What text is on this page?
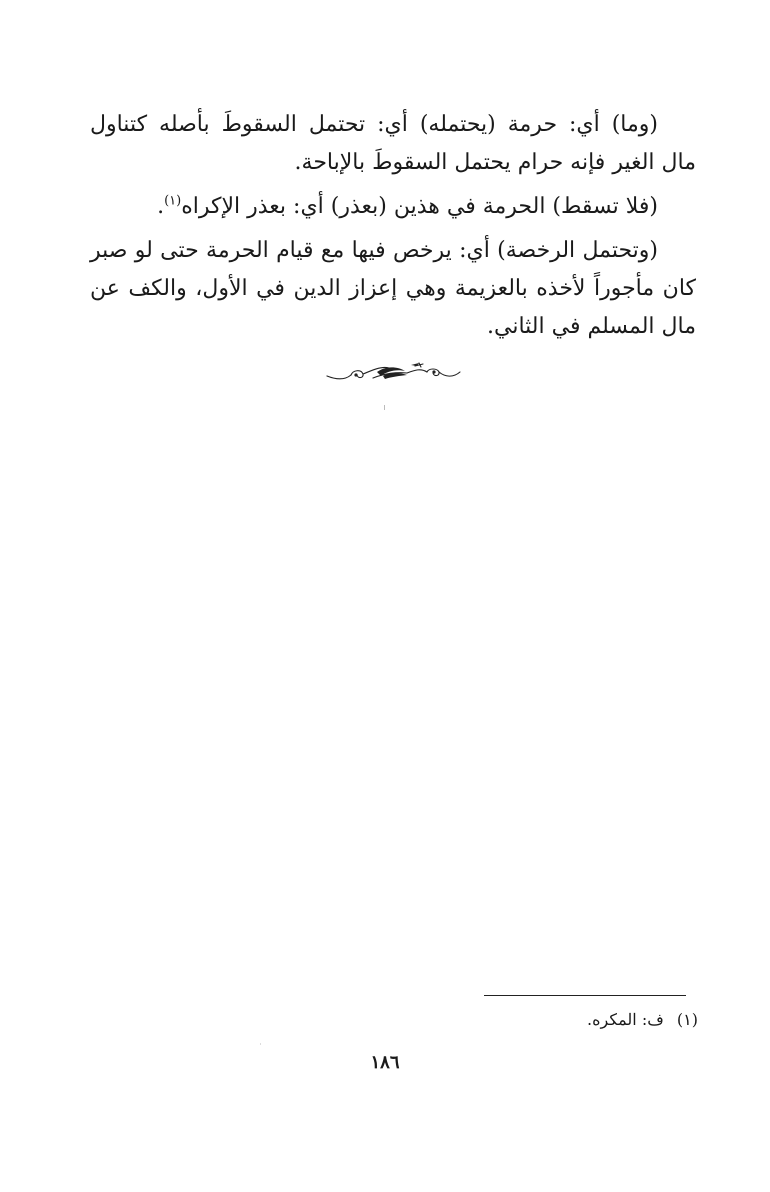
(وما) أي: حرمة (يحتمله) أي: تحتمل السقوطَ بأصله كتناول مال الغير فإنه حرام يحتمل السقوطَ بالإباحة.

(فلا تسقط) الحرمة في هذين (بعذر) أي: بعذر الإكراه$^{(١)}$.

(وتحتمل الرخصة) أي: يرخص فيها مع قيام الحرمة حتى لو صبر كان مأجوراً لأخذه بالعزيمة وهي إعزاز الدين في الأول، والكف عن مال المسلم في الثاني.

(١) ف: المكره.
١٨٦
